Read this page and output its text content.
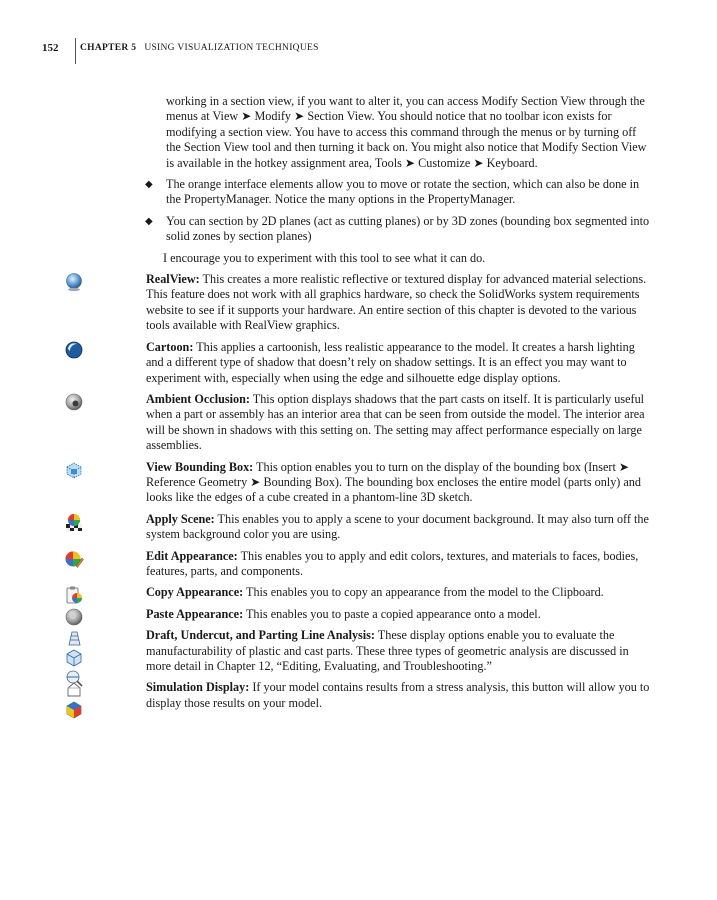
152 CHAPTER 5 USING VISUALIZATION TECHNIQUES

working in a section view, if you want to alter it, you can access Modify Section View through the menus at View ➤ Modify ➤ Section View. You should notice that no toolbar icon exists for modifying a section view. You have to access this command through the menus or by turning off the Section View tool and then turning it back on. You might also notice that Modify Section View is available in the hotkey assignment area, Tools ➤ Customize ➤ Keyboard.

◆ The orange interface elements allow you to move or rotate the section, which can also be done in the PropertyManager. Notice the many options in the PropertyManager.
◆ You can section by 2D planes (act as cutting planes) or by 3D zones (bounding box segmented into solid zones by section planes)

I encourage you to experiment with this tool to see what it can do.

RealView: This creates a more realistic reflective or textured display for advanced material selections. This feature does not work with all graphics hardware, so check the SolidWorks system requirements website to see if it supports your hardware. An entire section of this chapter is devoted to the various tools available with RealView graphics.
Cartoon: This applies a cartoonish, less realistic appearance to the model. It creates a harsh lighting and a different type of shadow that doesn’t rely on shadow settings. It is an effect you may want to experiment with, especially when using the edge and silhouette edge display options.
Ambient Occlusion: This option displays shadows that the part casts on itself. It is particularly useful when a part or assembly has an interior area that can be seen from outside the model. The interior area will be shown in shadows with this setting on. The setting may affect performance especially on large assemblies.
View Bounding Box: This option enables you to turn on the display of the bounding box (Insert ➤ Reference Geometry ➤ Bounding Box). The bounding box encloses the entire model (parts only) and looks like the edges of a cube created in a phantom-line 3D sketch.
Apply Scene: This enables you to apply a scene to your document background. It may also turn off the system background color you are using.
Edit Appearance: This enables you to apply and edit colors, textures, and materials to faces, bodies, features, parts, and components.
Copy Appearance: This enables you to copy an appearance from the model to the Clipboard.
Paste Appearance: This enables you to paste a copied appearance onto a model.
Draft, Undercut, and Parting Line Analysis: These display options enable you to evaluate the manufacturability of plastic and cast parts. These three types of geometric analysis are discussed in more detail in Chapter 12, “Editing, Evaluating, and Troubleshooting.”
Simulation Display: If your model contains results from a stress analysis, this button will allow you to display those results on your model.
